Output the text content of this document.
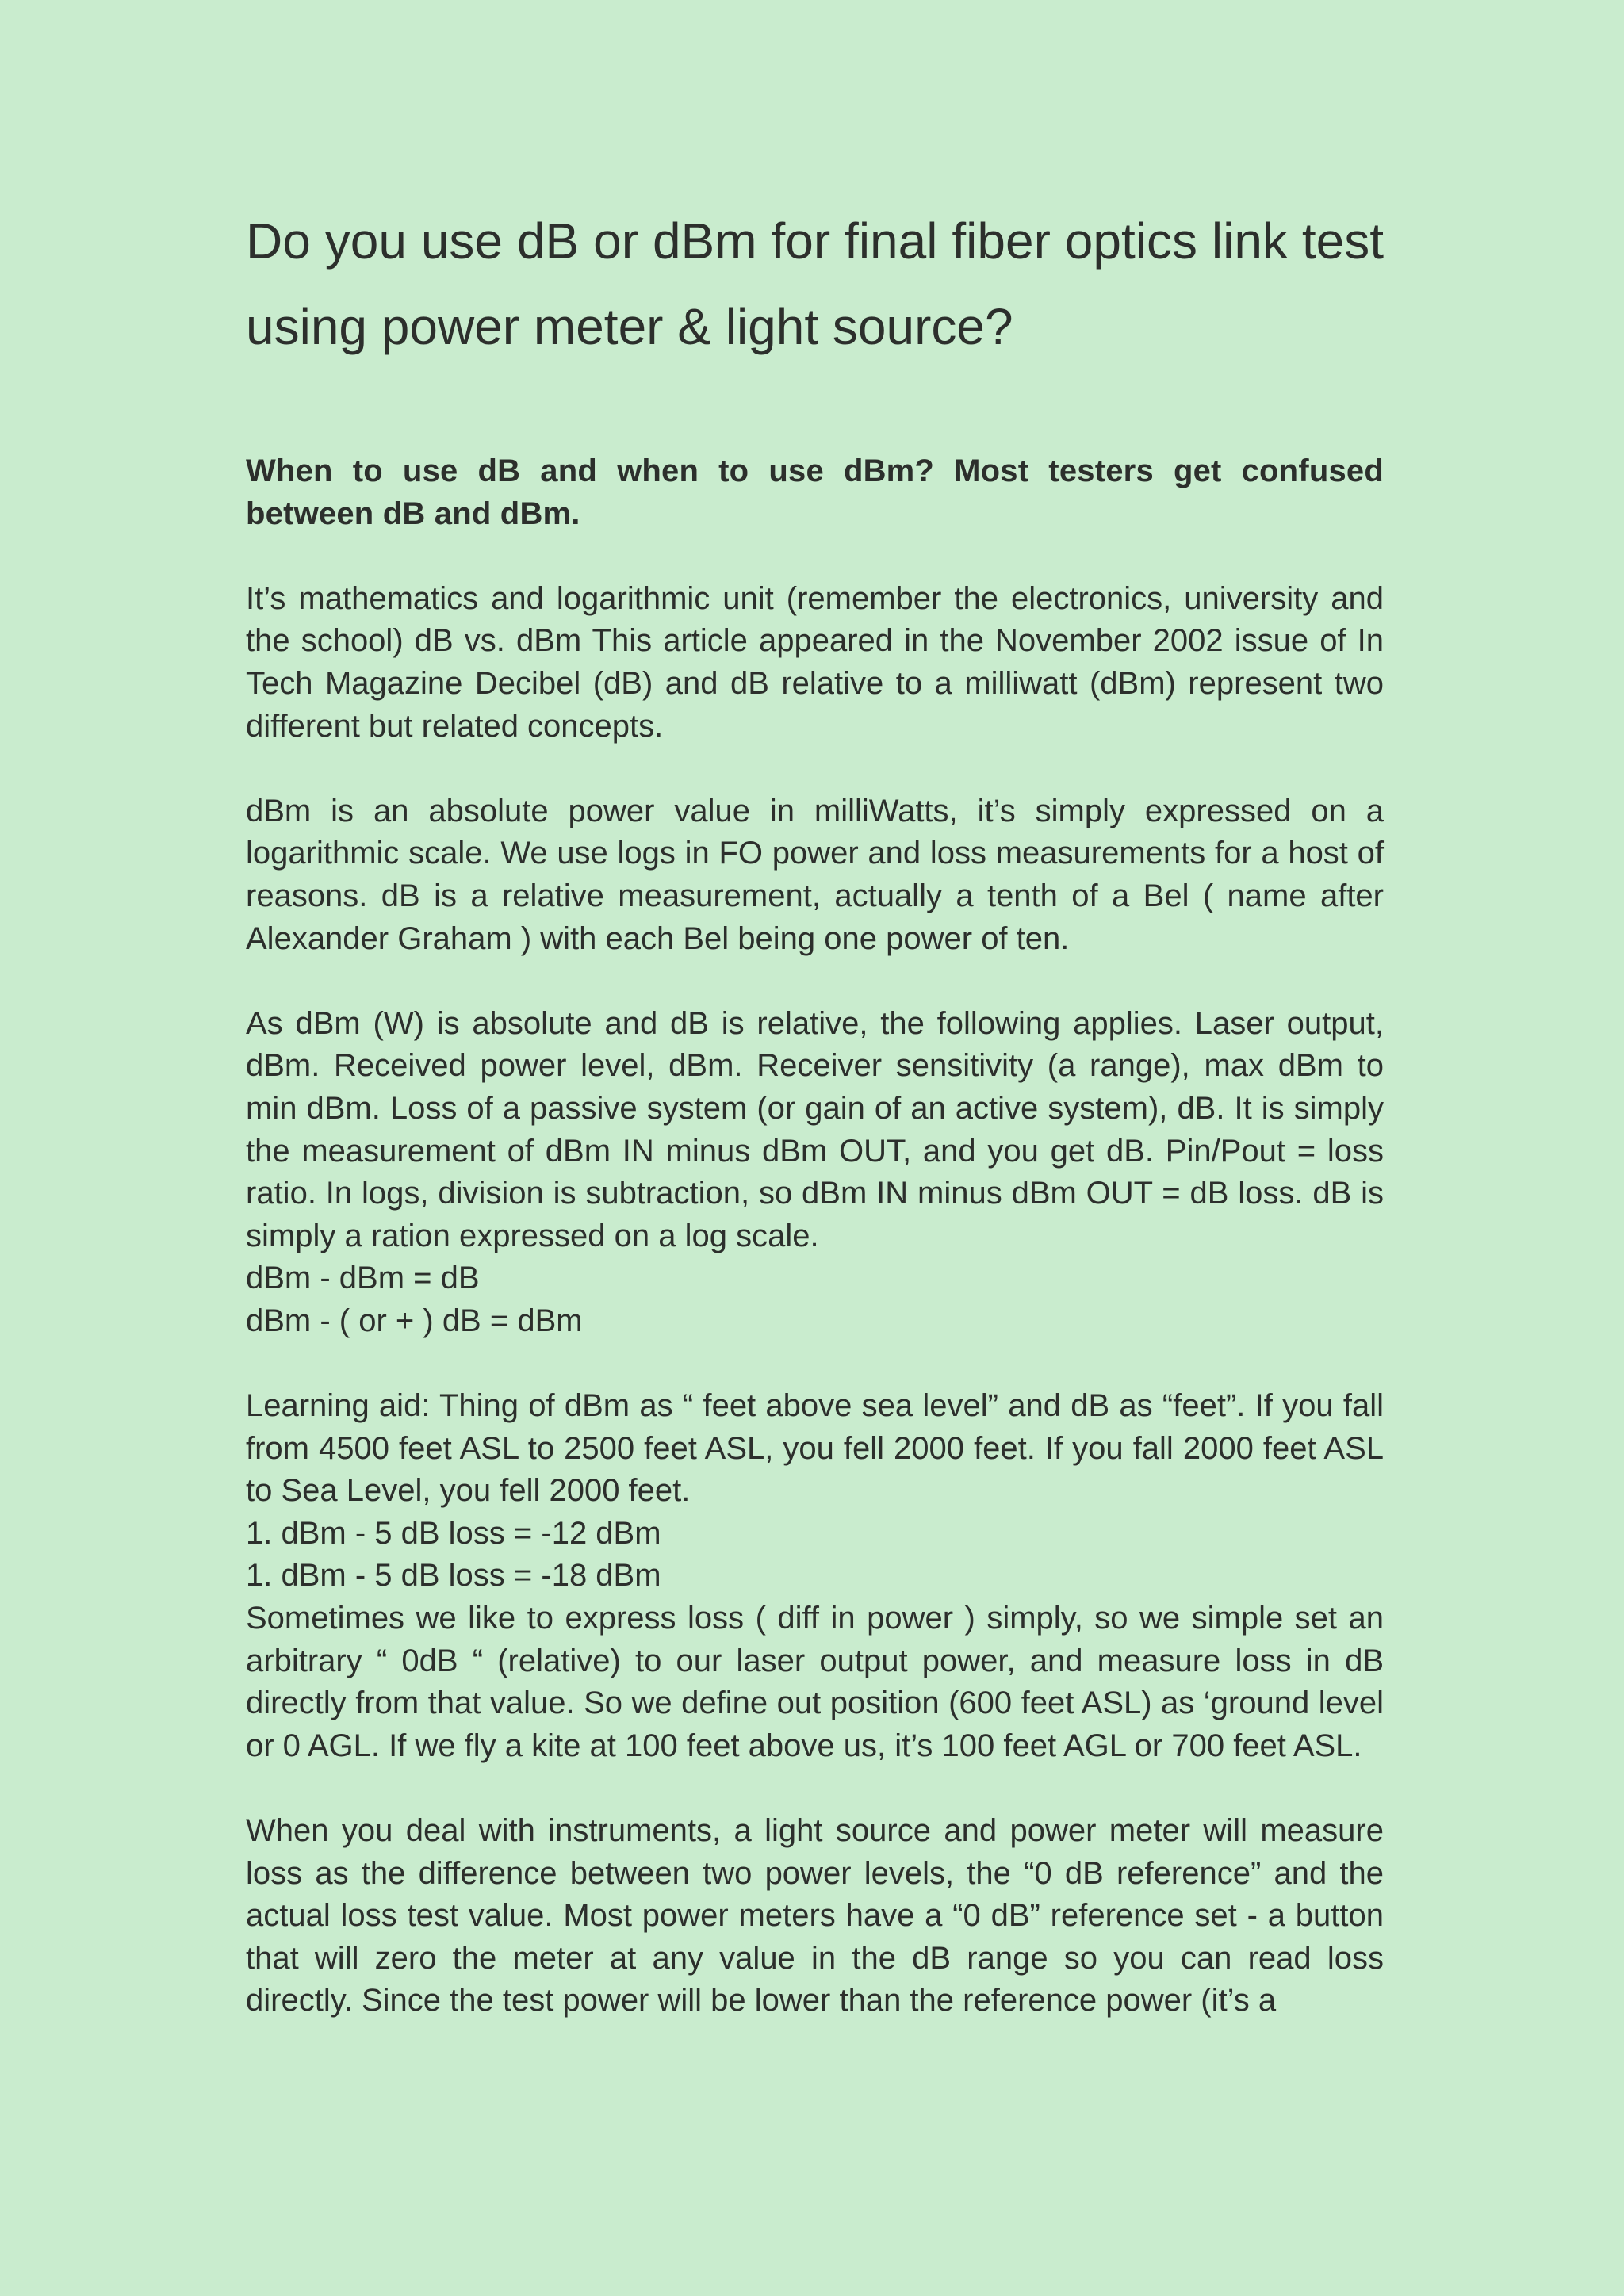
Do you use dB or dBm for final fiber optics link test using power meter & light source?

When to use dB and when to use dBm? Most testers get confused between dB and dBm.

It’s mathematics and logarithmic unit (remember the electronics, university and the school) dB vs. dBm This article appeared in the November 2002 issue of In Tech Magazine Decibel (dB) and dB relative to a milliwatt (dBm) represent two different but related concepts.

dBm is an absolute power value in milliWatts, it’s simply expressed on a logarithmic scale. We use logs in FO power and loss measurements for a host of reasons. dB is a relative measurement, actually a tenth of a Bel ( name after Alexander Graham ) with each Bel being one power of ten.

As dBm (W) is absolute and dB is relative, the following applies. Laser output, dBm. Received power level, dBm. Receiver sensitivity (a range), max dBm to min dBm. Loss of a passive system (or gain of an active system), dB. It is simply the measurement of dBm IN minus dBm OUT, and you get dB. Pin/Pout = loss ratio. In logs, division is subtraction, so dBm IN minus dBm OUT = dB loss. dB is simply a ration expressed on a log scale.

dBm - dBm = dB
dBm - ( or + ) dB = dBm

Learning aid: Thing of dBm as “ feet above sea level” and dB as “feet”. If you fall from 4500 feet ASL to 2500 feet ASL, you fell 2000 feet. If you fall 2000 feet ASL to Sea Level, you fell 2000 feet.

1. dBm - 5 dB loss = -12 dBm
1. dBm - 5 dB loss = -18 dBm

Sometimes we like to express loss ( diff in power ) simply, so we simple set an arbitrary “ 0dB “ (relative) to our laser output power, and measure loss in dB directly from that value. So we define out position (600 feet ASL) as ‘ground level or 0 AGL. If we fly a kite at 100 feet above us, it’s 100 feet AGL or 700 feet ASL.

When you deal with instruments, a light source and power meter will measure loss as the difference between two power levels, the “0 dB reference” and the actual loss test value. Most power meters have a “0 dB” reference set - a button that will zero the meter at any value in the dB range so you can read loss directly. Since the test power will be lower than the reference power (it’s a
